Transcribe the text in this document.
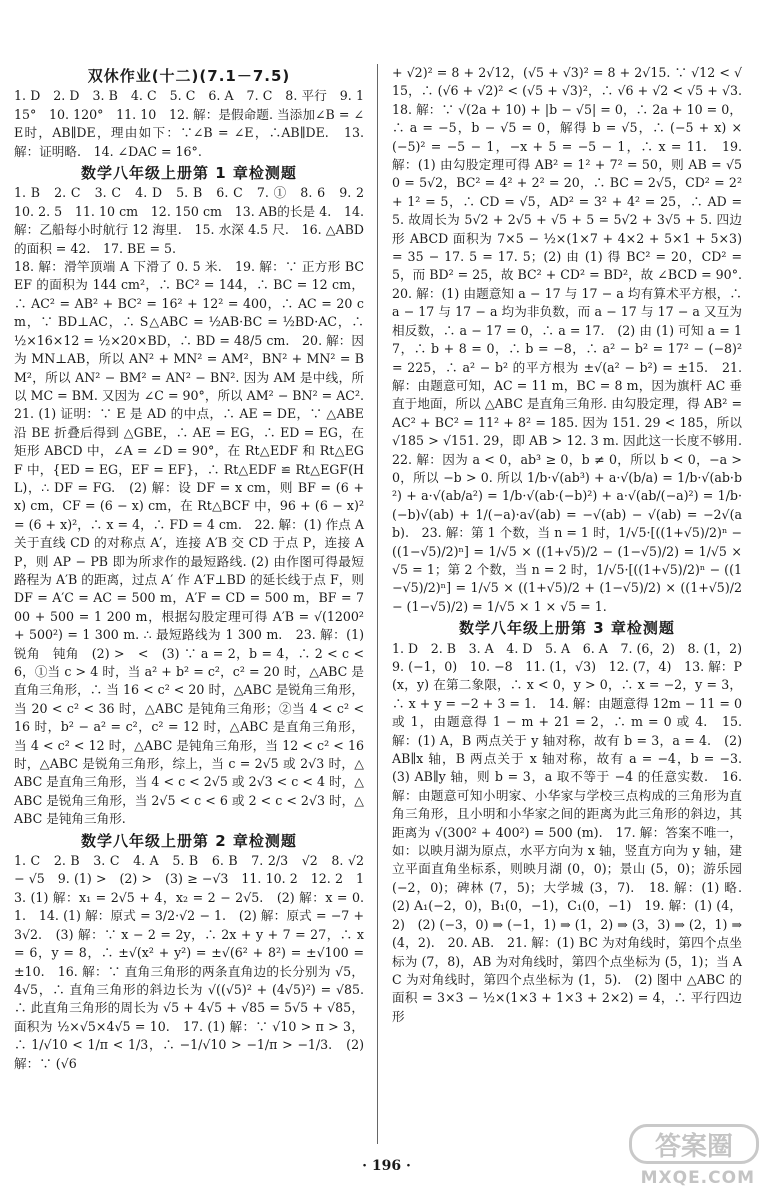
双休作业(十二)(7.1－7.5)

1. D　2. D　3. B　4. C　5. C　6. A　7. C　8. 平行　9. 115°　10. 120°　11. 10　12. 解：是假命题. 当添加∠B = ∠E时，AB∥DE，理由如下：∵∠B = ∠E，∴AB∥DE.　13. 解：证明略.　14. ∠DAC = 16°.

数学八年级上册第 1 章检测题

1. B　2. C　3. C　4. D　5. B　6. C　7. ①　8. 6　9. 2　10. 2. 5　11. 10 cm　12. 150 cm　13. AB的长是 4.　14. 解：乙船每小时航行 12 海里.　15. 水深 4.5 尺.　16. △ABD的面积 = 42.　17. BE = 5.

18. 解：滑竿顶端 A 下滑了 0. 5 米.　19. 解：∵ 正方形 BCEF 的面积为 144 cm²，∴ BC² = 144，∴ BC = 12 cm，∴ AC² = AB² + BC² = 16² + 12² = 400，∴ AC = 20 cm，∵ BD⊥AC，∴ S△ABC = ½AB·BC = ½BD·AC，∴ ½×16×12 = ½×20×BD，∴ BD = 48/5 cm.　20. 解：因为 MN⊥AB，所以 AN² + MN² = AM²，BN² + MN² = BM²，所以 AN² − BM² = AN² − BN². 因为 AM 是中线，所以 MC = BM. 又因为 ∠C = 90°，所以 AM² − BN² = AC².　21. (1) 证明：∵ E 是 AD 的中点，∴ AE = DE，∵ △ABE 沿 BE 折叠后得到 △GBE，∴ AE = EG，∴ ED = EG，在矩形 ABCD 中，∠A = ∠D = 90°，在 Rt△EDF 和 Rt△EGF 中，{ED = EG，EF = EF}，∴ Rt△EDF ≌ Rt△EGF(HL)，∴ DF = FG.　(2) 解：设 DF = x cm，则 BF = (6 + x) cm，CF = (6 − x) cm，在 Rt△BCF 中，96 + (6 − x)² = (6 + x)²，∴ x = 4，∴ FD = 4 cm.　22. 解：(1) 作点 A 关于直线 CD 的对称点 A′，连接 A′B 交 CD 于点 P，连接 AP，则 AP − PB 即为所求作的最短路线. (2) 由作图可得最短路程为 A′B 的距离，过点 A′ 作 A′F⊥BD 的延长线于点 F，则 DF = A′C = AC = 500 m，A′F = CD = 500 m，BF = 700 + 500 = 1 200 m，根据勾股定理可得 A′B = √(1200² + 500²) = 1 300 m. ∴ 最短路线为 1 300 m.　23. 解：(1) 锐角　钝角　(2) >　<　(3) ∵ a = 2，b = 4，∴ 2 < c < 6，①当 c > 4 时，当 a² + b² = c²，c² = 20 时，△ABC 是直角三角形，∴ 当 16 < c² < 20 时，△ABC 是锐角三角形，当 20 < c² < 36 时，△ABC 是钝角三角形；②当 4 < c² < 16 时，b² − a² = c²，c² = 12 时，△ABC 是直角三角形，当 4 < c² < 12 时，△ABC 是钝角三角形，当 12 < c² < 16 时，△ABC 是锐角三角形，综上，当 c = 2√5 或 2√3 时，△ABC 是直角三角形，当 4 < c < 2√5 或 2√3 < c < 4 时，△ABC 是锐角三角形，当 2√5 < c < 6 或 2 < c < 2√3 时，△ABC 是钝角三角形.

数学八年级上册第 2 章检测题

1. C　2. B　3. C　4. A　5. B　6. B　7. 2/3　√2　8. √2 − √5　9. (1) >　(2) >　(3) ≥ −√3　11. 10. 2　12. 2　13. (1) 解：x₁ = 2√5 + 4，x₂ = 2 − 2√5.　(2) 解：x = 0. 1.　14. (1) 解：原式 = 3/2·√2 − 1.　(2) 解：原式 = −7 + 3√2.　(3) 解：∵ x − 2 = 2y，∴ 2x + y + 7 = 27，∴ x = 6，y = 8，∴ ±√(x² + y²) = ±√(6² + 8²) = ±√100 = ±10.　16. 解：∵ 直角三角形的两条直角边的长分别为 √5，4√5，∴ 直角三角形的斜边长为 √((√5)² + (4√5)²) = √85. ∴ 此直角三角形的周长为 √5 + 4√5 + √85 = 5√5 + √85，面积为 ½×√5×4√5 = 10.　17. (1) 解：∵ √10 > π > 3，∴ 1/√10 < 1/π < 1/3，∴ −1/√10 > −1/π > −1/3.　(2) 解：∵ (√6

+ √2)² = 8 + 2√12，(√5 + √3)² = 8 + 2√15. ∵ √12 < √15，∴ (√6 + √2)² < (√5 + √3)²，∴ √6 + √2 < √5 + √3.　18. 解：∵ √(2a + 10) + |b − √5| = 0，∴ 2a + 10 = 0，∴ a = −5，b − √5 = 0，解得 b = √5，∴ (−5 + x) × (−5)² = −5 − 1，−x + 5 = −5 − 1，∴ x = 11.　19. 解：(1) 由勾股定理可得 AB² = 1² + 7² = 50，则 AB = √50 = 5√2，BC² = 4² + 2² = 20，∴ BC = 2√5，CD² = 2² + 1² = 5，∴ CD = √5，AD² = 3² + 4² = 25，∴ AD = 5. 故周长为 5√2 + 2√5 + √5 + 5 = 5√2 + 3√5 + 5. 四边形 ABCD 面积为 7×5 − ½×(1×7 + 4×2 + 5×1 + 5×3) = 35 − 17. 5 = 17. 5；(2) 由 (1) 得 BC² = 20，CD² = 5，而 BD² = 25，故 BC² + CD² = BD²，故 ∠BCD = 90°.　20. 解：(1) 由题意知 a − 17 与 17 − a 均有算术平方根，∴ a − 17 与 17 − a 均为非负数，而 a − 17 与 17 − a 又互为相反数，∴ a − 17 = 0，∴ a = 17.　(2) 由 (1) 可知 a = 17，∴ b + 8 = 0，∴ b = −8，∴ a² − b² = 17² − (−8)² = 225，∴ a² − b² 的平方根为 ±√(a² − b²) = ±15.　21. 解：由题意可知，AC = 11 m，BC = 8 m，因为旗杆 AC 垂直于地面，所以 △ABC 是直角三角形. 由勾股定理，得 AB² = AC² + BC² = 11² + 8² = 185. 因为 151. 29 < 185，所以 √185 > √151. 29，即 AB > 12. 3 m. 因此这一长度不够用.　22. 解：因为 a < 0，ab³ ≥ 0，b ≠ 0，所以 b < 0，−a > 0，所以 −b > 0. 所以 1/b·√(ab³) + a·√(b/a) = 1/b·√(ab·b²) + a·√(ab/a²) = 1/b·√(ab·(−b)²) + a·√(ab/(−a)²) = 1/b·(−b)√(ab) + 1/(−a)·a√(ab) = −√(ab) − √(ab) = −2√(ab).　23. 解：第 1 个数，当 n = 1 时，1/√5·[((1+√5)/2)ⁿ − ((1−√5)/2)ⁿ] = 1/√5 × ((1+√5)/2 − (1−√5)/2) = 1/√5 × √5 = 1；第 2 个数，当 n = 2 时，1/√5·[((1+√5)/2)ⁿ − ((1−√5)/2)ⁿ] = 1/√5 × ((1+√5)/2 + (1−√5)/2) × ((1+√5)/2 − (1−√5)/2) = 1/√5 × 1 × √5 = 1.

数学八年级上册第 3 章检测题

1. D　2. B　3. A　4. D　5. A　6. A　7. (6，2)　8. (1，2)　9. (−1，0)　10. −8　11. (1，√3)　12. (7，4)　13. 解：P(x，y) 在第二象限，∴ x < 0，y > 0，∴ x = −2，y = 3，∴ x + y = −2 + 3 = 1.　14. 解：由题意得 12m − 11 = 0 或 1，由题意得 1 − m + 21 = 2，∴ m = 0 或 4.　15. 解：(1) A，B 两点关于 y 轴对称，故有 b = 3，a = 4.　(2) AB∥x 轴，B 两点关于 x 轴对称，故有 a = −4，b = −3.　(3) AB∥y 轴，则 b = 3，a 取不等于 −4 的任意实数.　16. 解：由题意可知小明家、小华家与学校三点构成的三角形为直角三角形，且小明和小华家之间的距离为此三角形的斜边，其距离为 √(300² + 400²) = 500 (m).　17. 解：答案不唯一，如：以映月湖为原点，水平方向为 x 轴，竖直方向为 y 轴，建立平面直角坐标系，则映月湖 (0，0)；景山 (5，0)；游乐园 (−2，0)；碑林 (7，5)；大学城 (3，7).　18. 解：(1) 略.　(2) A₁(−2，0)，B₁(0，−1)，C₁(0，−1)　19. 解：(1) (4，2)　(2) (−3，0) ⇒ (−1，1) ⇒ (1，2) ⇒ (3，3) ⇒ (2，1) ⇒ (4，2).　20. AB.　21. 解：(1) BC 为对角线时，第四个点坐标为 (7，8)，AB 为对角线时，第四个点坐标为 (5，1)；当 AC 为对角线时，第四个点坐标为 (1，5).　(2) 图中 △ABC 的面积 = 3×3 − ½×(1×3 + 1×3 + 2×2) = 4，∴ 平行四边形

· 196 ·
答案圈
MXQE.COM
